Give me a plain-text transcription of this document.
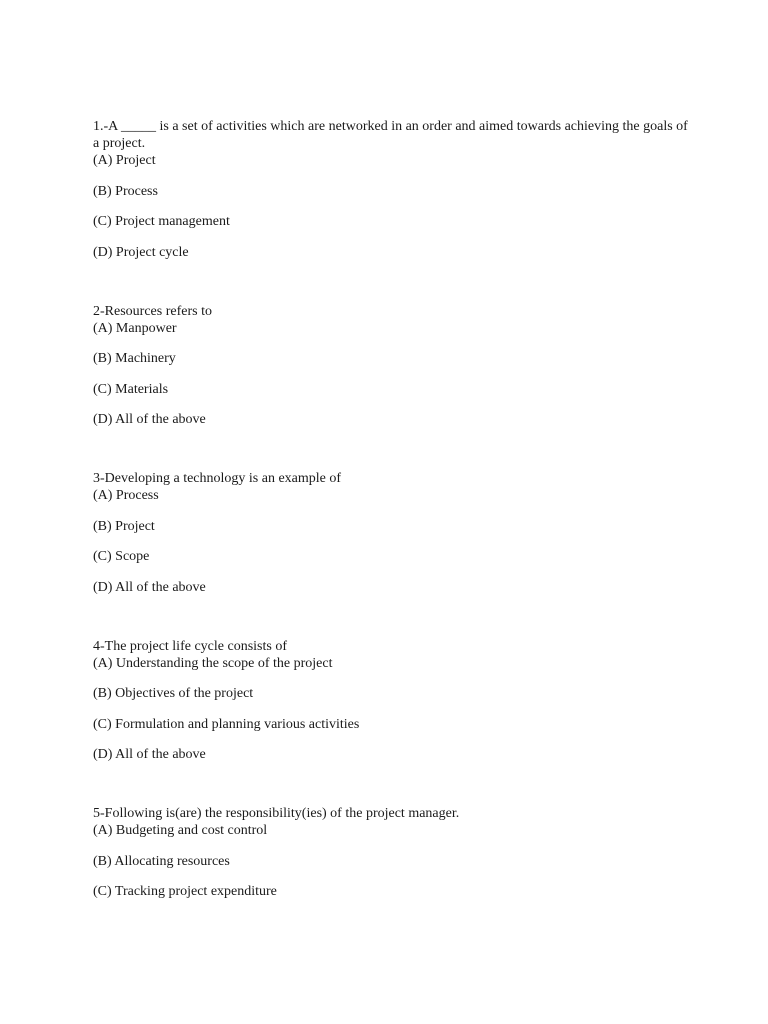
1.-A _____ is a set of activities which are networked in an order and aimed towards achieving the goals of a project.

(A) Project

(B) Process

(C) Project management

(D) Project cycle

2-Resources refers to

(A) Manpower

(B) Machinery

(C) Materials

(D) All of the above

3-Developing a technology is an example of

(A) Process

(B) Project

(C) Scope

(D) All of the above

4-The project life cycle consists of

(A) Understanding the scope of the project

(B) Objectives of the project

(C) Formulation and planning various activities

(D) All of the above

5-Following is(are) the responsibility(ies) of the project manager.

(A) Budgeting and cost control

(B) Allocating resources

(C) Tracking project expenditure
